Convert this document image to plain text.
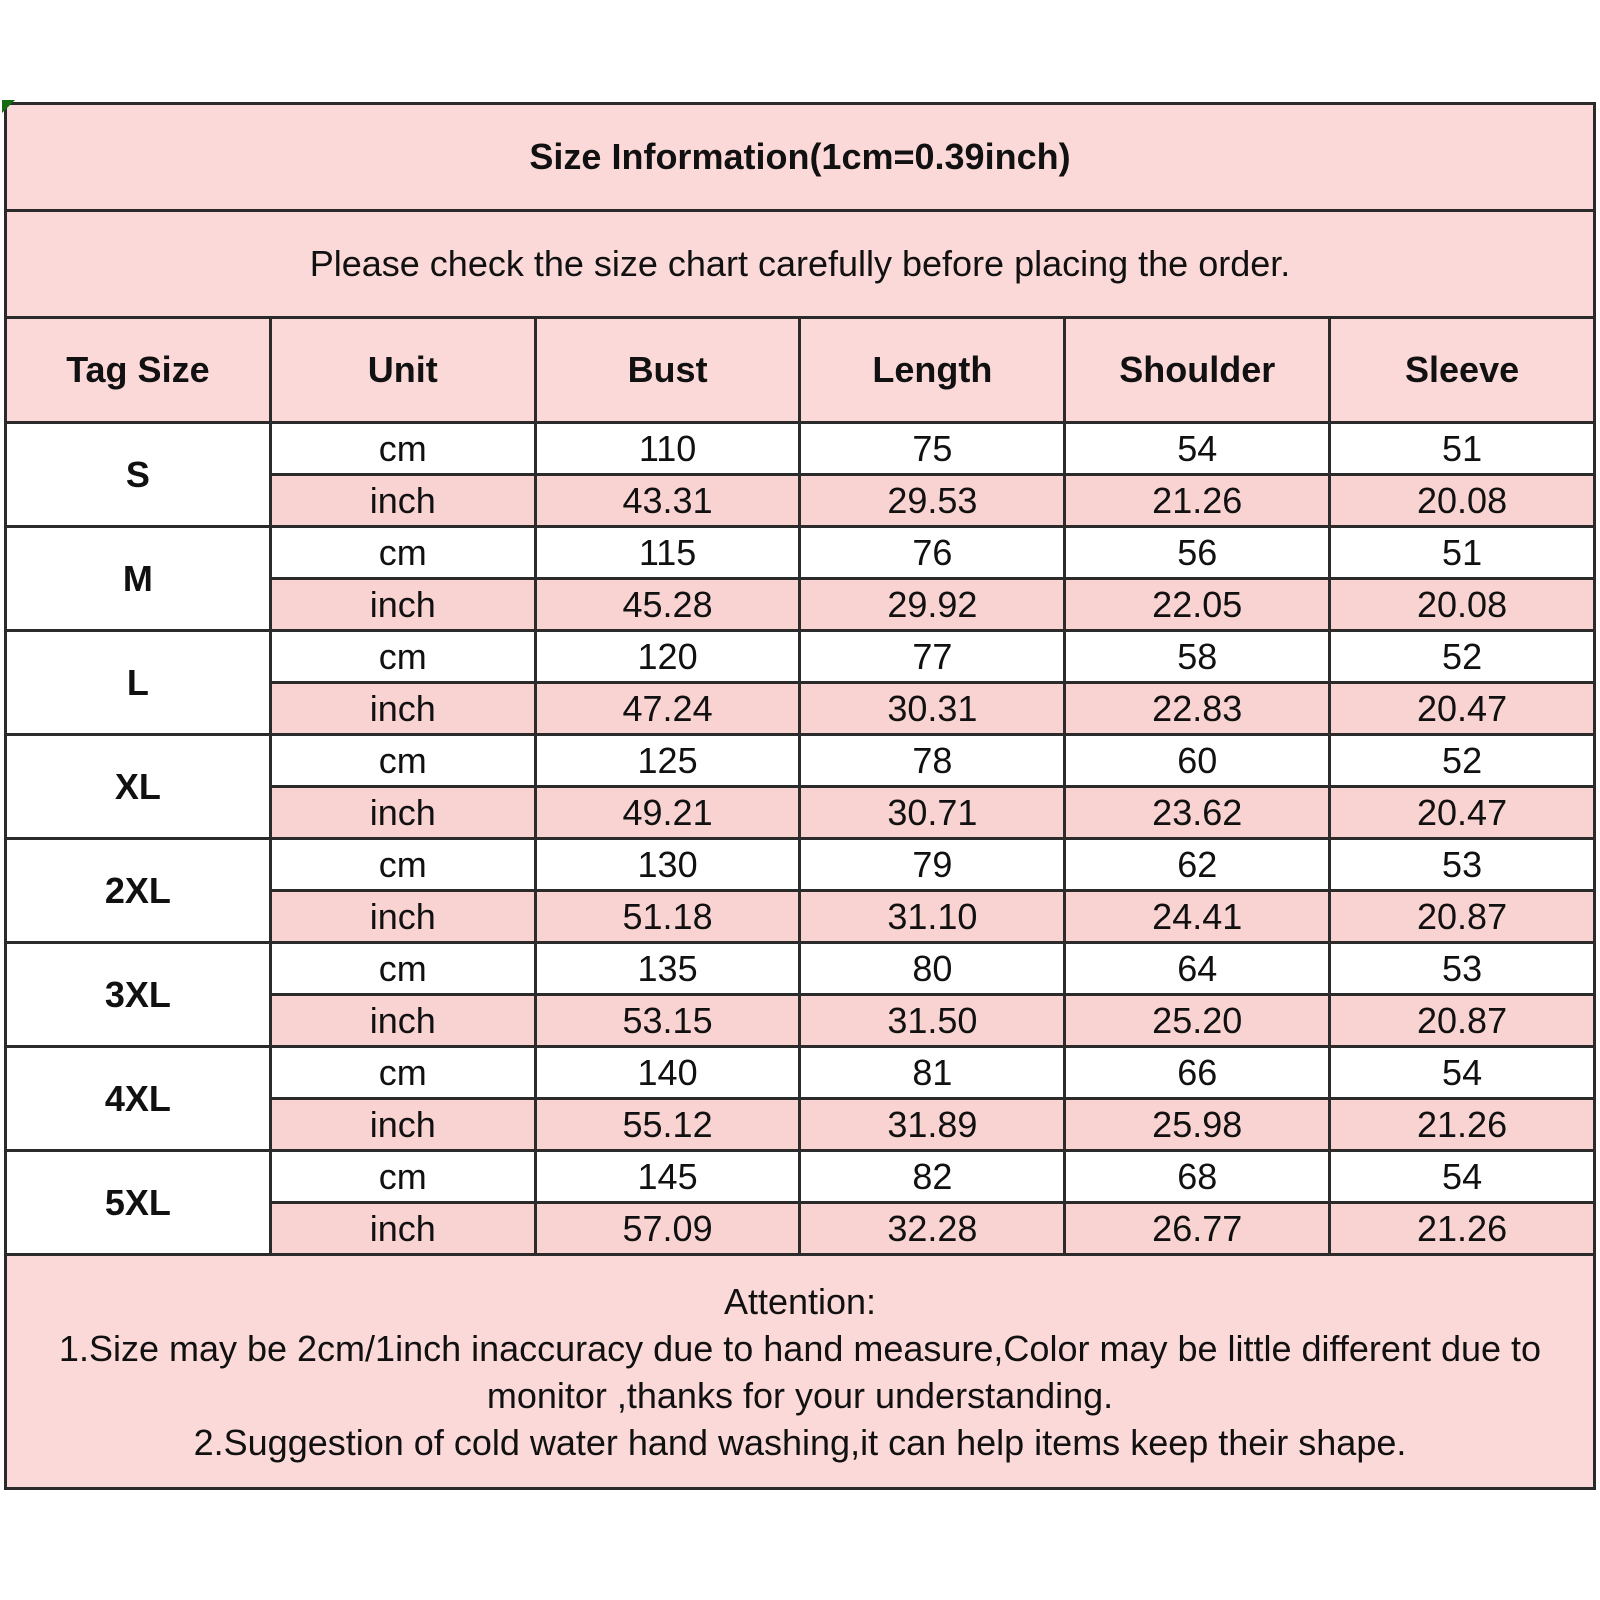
Size Information(1cm=0.39inch)					
Please check the size chart carefully before placing the order.					
Tag Size	Unit	Bust	Length	Shoulder	Sleeve
S	cm	110	75	54	51
	inch	43.31	29.53	21.26	20.08
M	cm	115	76	56	51
	inch	45.28	29.92	22.05	20.08
L	cm	120	77	58	52
	inch	47.24	30.31	22.83	20.47
XL	cm	125	78	60	52
	inch	49.21	30.71	23.62	20.47
2XL	cm	130	79	62	53
	inch	51.18	31.10	24.41	20.87
3XL	cm	135	80	64	53
	inch	53.15	31.50	25.20	20.87
4XL	cm	140	81	66	54
	inch	55.12	31.89	25.98	21.26
5XL	cm	145	82	68	54
	inch	57.09	32.28	26.77	21.26

Attention:
1.Size may be 2cm/1inch inaccuracy due to hand measure,Color may be little different due to monitor ,thanks for your understanding.
2.Suggestion of cold water hand washing,it can help items keep their shape.					
